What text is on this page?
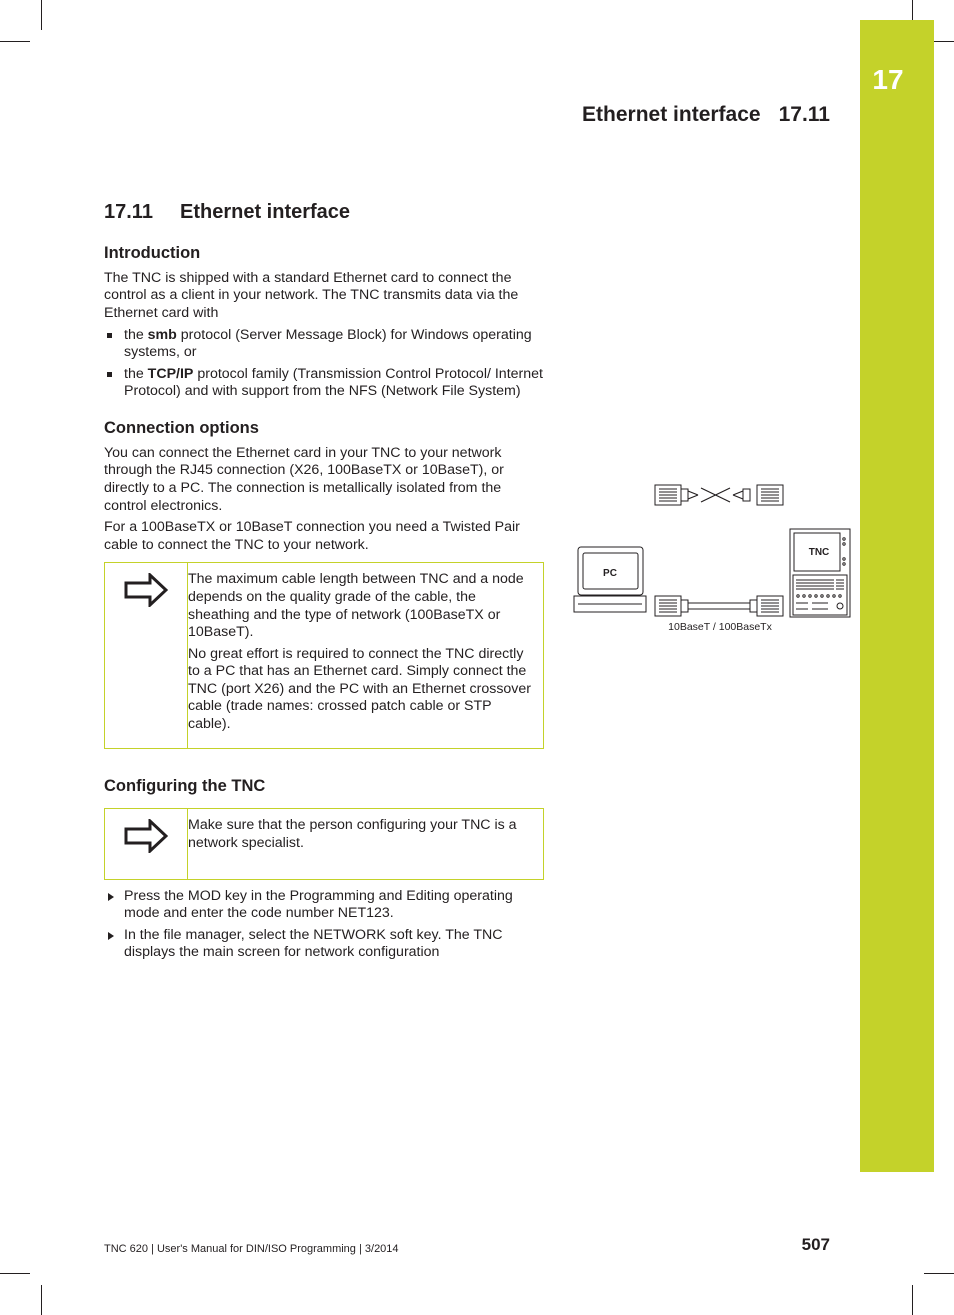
17
Ethernet interface 17.11
17.11 Ethernet interface
Introduction

The TNC is shipped with a standard Ethernet card to connect the control as a client in your network. The TNC transmits data via the Ethernet card with

the smb protocol (Server Message Block) for Windows operating systems, or
the TCP/IP protocol family (Transmission Control Protocol/ Internet Protocol) and with support from the NFS (Network File System)
Connection options

You can connect the Ethernet card in your TNC to your network through the RJ45 connection (X26, 100BaseTX or 10BaseT), or directly to a PC. The connection is metallically isolated from the control electronics.

For a 100BaseTX or 10BaseT connection you need a Twisted Pair cable to connect the TNC to your network.

The maximum cable length between TNC and a node depends on the quality grade of the cable, the sheathing and the type of network (100BaseTX or 10BaseT).

No great effort is required to connect the TNC directly to a PC that has an Ethernet card. Simply connect the TNC (port X26) and the PC with an Ethernet crossover cable (trade names: crossed patch cable or STP cable).

Configuring the TNC

Make sure that the person configuring your TNC is a network specialist.

Press the MOD key in the Programming and Editing operating mode and enter the code number NET123.
In the file manager, select the NETWORK soft key. The TNC displays the main screen for network configuration
PC
10BaseT / 100BaseTx
TNC
TNC 620 | User's Manual for DIN/ISO Programming | 3/2014	507
